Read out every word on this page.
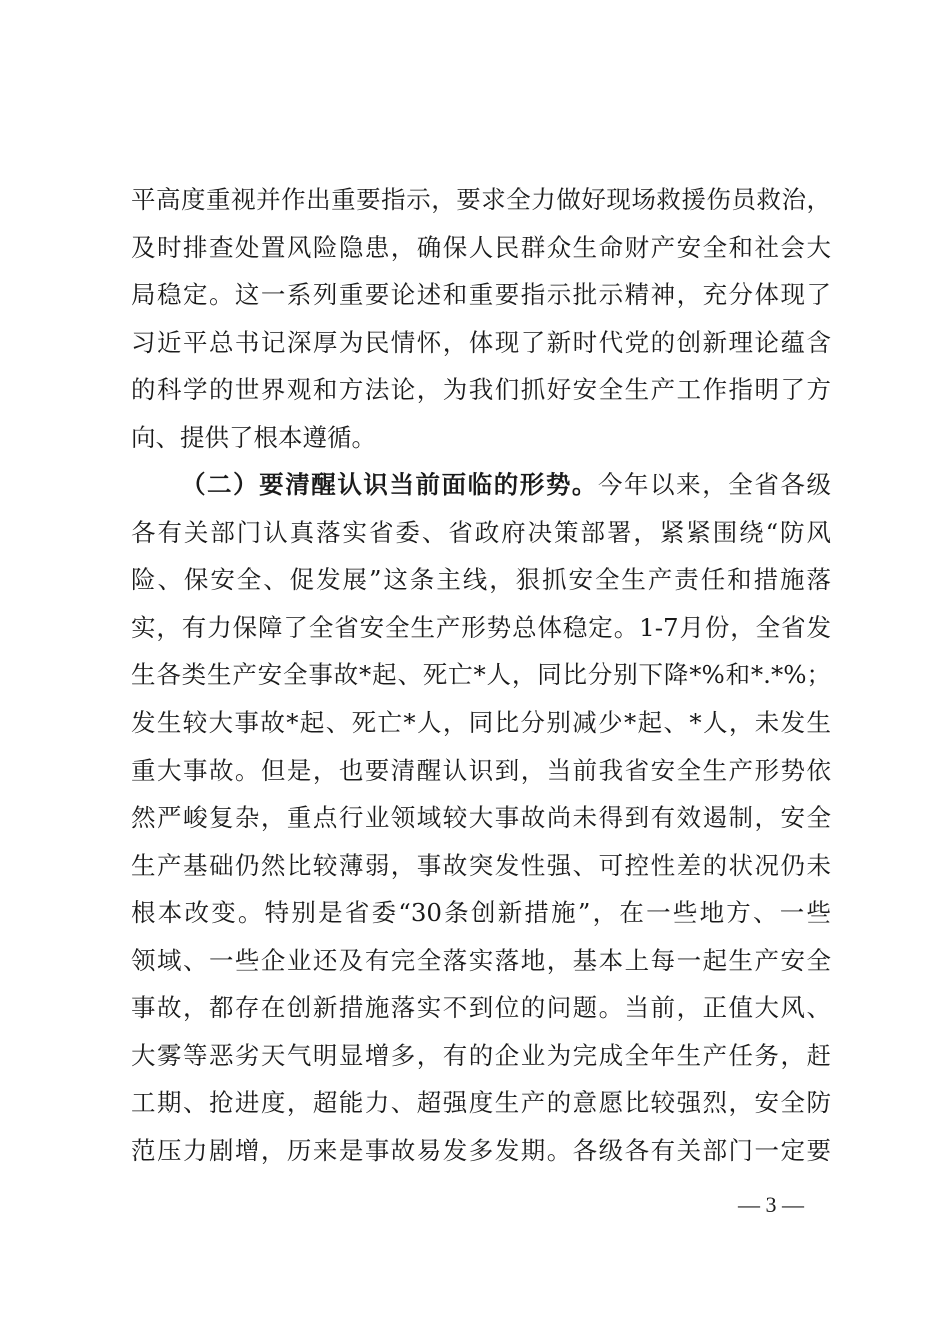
平高度重视并作出重要指示，要求全力做好现场救援伤员救治，
及时排查处置风险隐患，确保人民群众生命财产安全和社会大
局稳定。这一系列重要论述和重要指示批示精神，充分体现了
习近平总书记深厚为民情怀，体现了新时代党的创新理论蕴含
的科学的世界观和方法论，为我们抓好安全生产工作指明了方
向、提供了根本遵循。
（二）要清醒认识当前面临的形势。今年以来，全省各级
各有关部门认真落实省委、省政府决策部署，紧紧围绕“防风
险、保安全、促发展”这条主线，狠抓安全生产责任和措施落
实，有力保障了全省安全生产形势总体稳定。1-7月份，全省发
生各类生产安全事故*起、死亡*人，同比分别下降*%和*.*%；
发生较大事故*起、死亡*人，同比分别减少*起、*人，未发生
重大事故。但是，也要清醒认识到，当前我省安全生产形势依
然严峻复杂，重点行业领域较大事故尚未得到有效遏制，安全
生产基础仍然比较薄弱，事故突发性强、可控性差的状况仍未
根本改变。特别是省委“30条创新措施”，在一些地方、一些
领域、一些企业还及有完全落实落地，基本上每一起生产安全
事故，都存在创新措施落实不到位的问题。当前，正值大风、
大雾等恶劣天气明显增多，有的企业为完成全年生产任务，赶
工期、抢进度，超能力、超强度生产的意愿比较强烈，安全防
范压力剧增，历来是事故易发多发期。各级各有关部门一定要
— 3 —
